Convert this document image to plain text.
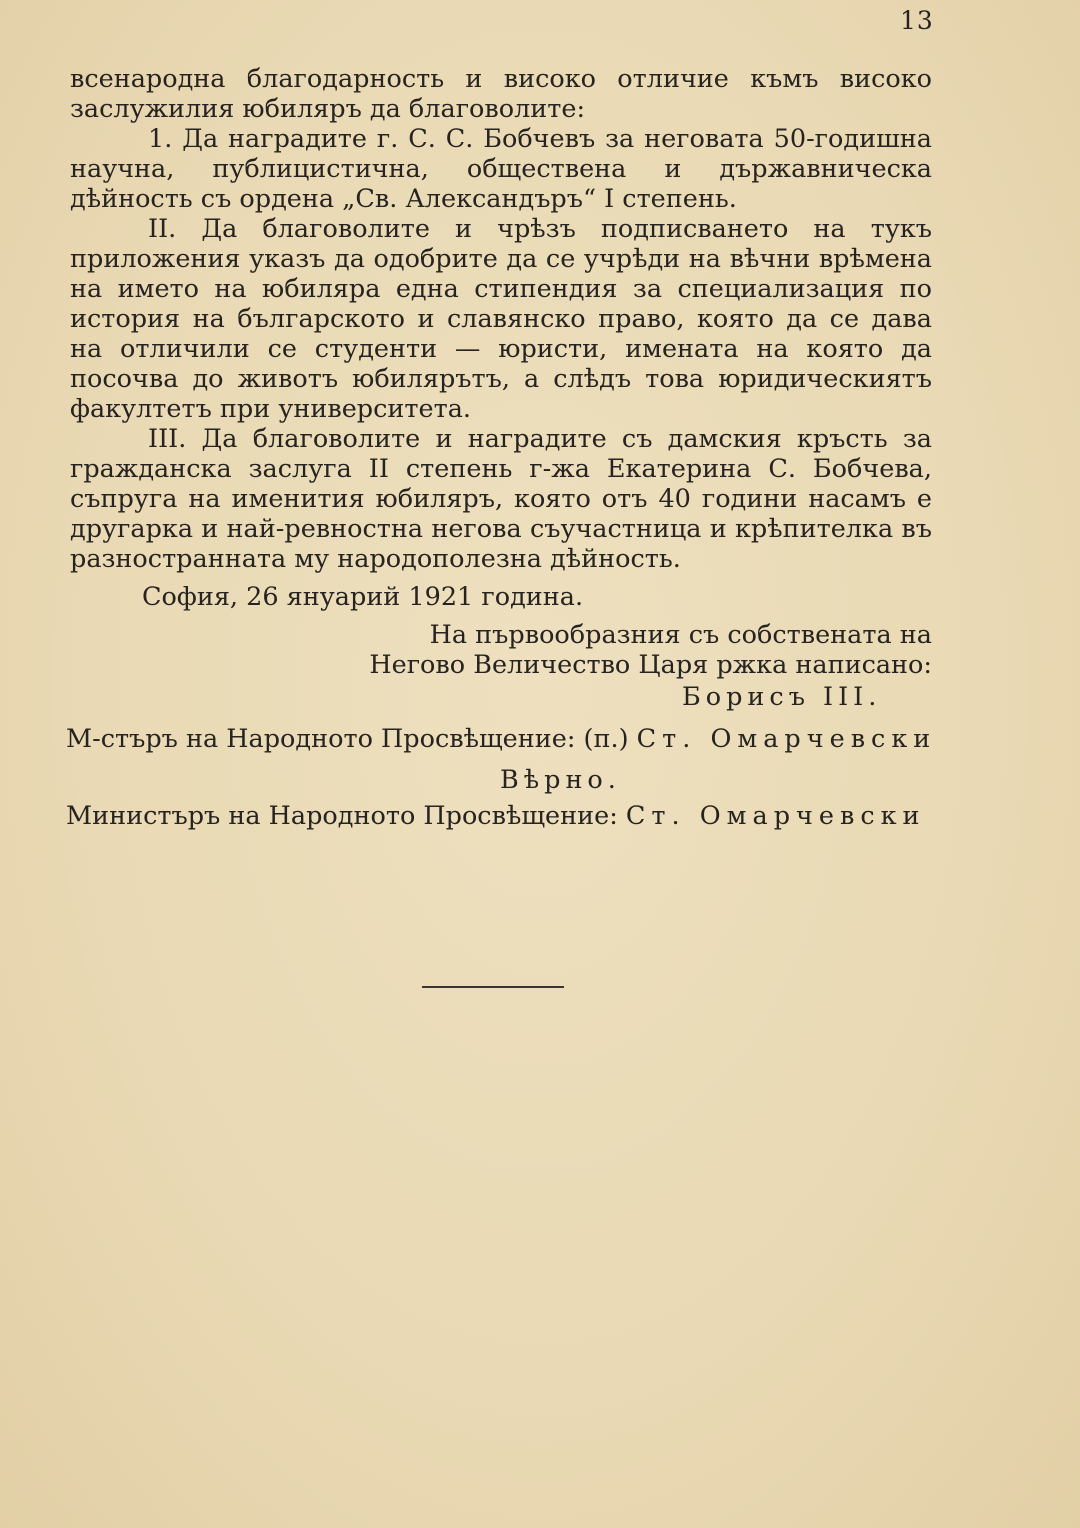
13

всенародна благодарность и високо отличие къмъ високо заслужилия юбиляръ да благоволите:

1. Да наградите г. С. С. Бобчевъ за неговата 50-годишна научна, публицистична, обществена и държавническа дѣйность съ ордена „Св. Александъръ“ I степень.

II. Да благоволите и чрѣзъ подписването на тукъ приложения указъ да одобрите да се учрѣди на вѣчни врѣмена на името на юбиляра една стипендия за специализация по история на българското и славянско право, която да се дава на отличили се студенти — юристи, имената на която да посочва до животъ юбилярътъ, а слѣдъ това юридическиятъ факултетъ при университета.

III. Да благоволите и наградите съ дамския кръсть за гражданска заслуга II степень г-жа Екатерина С. Бобчева, съпруга на именития юбиляръ, която отъ 40 години насамъ е другарка и най-ревностна негова съучастница и крѣпителка въ разностранната му народополезна дѣйность.

София, 26 януарий 1921 година.

На първообразния съ собствената на

Негово Величество Царя ржка написано:

Борисъ III.
М-стъръ на Народното Просвѣщение: (п.) Ст. Омарчевски
Вѣрно.
Министъръ на Народното Просвѣщение: Ст. Омарчевски
